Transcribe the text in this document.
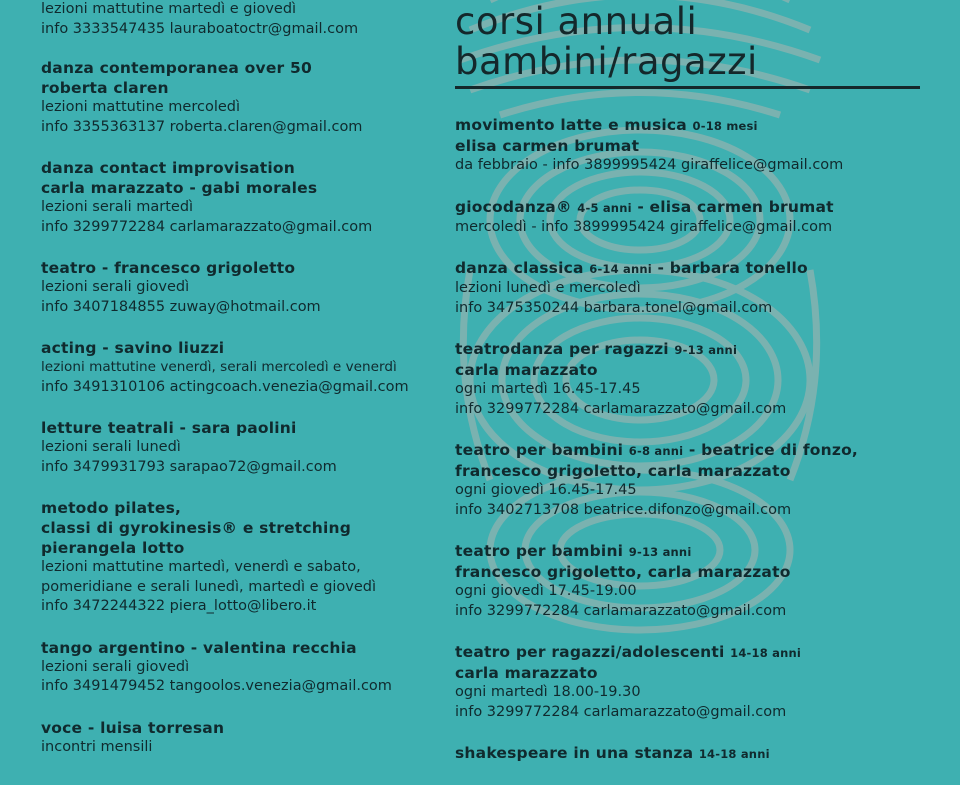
lezioni mattutine martedì e giovedì
info 3333547435 lauraboatoctr@gmail.com
danza contemporanea over 50
roberta claren
lezioni mattutine mercoledì
info 3355363137 roberta.claren@gmail.com
danza contact improvisation
carla marazzato - gabi morales
lezioni serali martedì
info 3299772284 carlamarazzato@gmail.com
teatro - francesco grigoletto
lezioni serali giovedì
info 3407184855 zuway@hotmail.com
acting - savino liuzzi
lezioni mattutine venerdì, serali mercoledì e venerdì
info 3491310106 actingcoach.venezia@gmail.com
letture teatrali - sara paolini
lezioni serali lunedì
info 3479931793 sarapao72@gmail.com
metodo pilates,
classi di gyrokinesis® e stretching
pierangela lotto
lezioni mattutine martedì, venerdì e sabato,
pomeridiane e serali lunedì, martedì e giovedì
info 3472244322 piera_lotto@libero.it
tango argentino - valentina recchia
lezioni serali giovedì
info 3491479452 tangoolos.venezia@gmail.com
voce - luisa torresan
incontri mensili
corsi annuali
bambini/ragazzi
movimento latte e musica 0-18 mesi
elisa carmen brumat
da febbraio - info 3899995424 giraffelice@gmail.com
giocodanza® 4-5 anni - elisa carmen brumat
mercoledì - info 3899995424 giraffelice@gmail.com
danza classica 6-14 anni - barbara tonello
lezioni lunedì e mercoledì
info 3475350244 barbara.tonel@gmail.com
teatrodanza per ragazzi 9-13 anni
carla marazzato
ogni martedì 16.45-17.45
info 3299772284 carlamarazzato@gmail.com
teatro per bambini 6-8 anni - beatrice di fonzo,
francesco grigoletto, carla marazzato
ogni giovedì 16.45-17.45
info 3402713708 beatrice.difonzo@gmail.com
teatro per bambini 9-13 anni
francesco grigoletto, carla marazzato
ogni giovedì 17.45-19.00
info 3299772284 carlamarazzato@gmail.com
teatro per ragazzi/adolescenti 14-18 anni
carla marazzato
ogni martedì 18.00-19.30
info 3299772284 carlamarazzato@gmail.com
shakespeare in una stanza 14-18 anni
